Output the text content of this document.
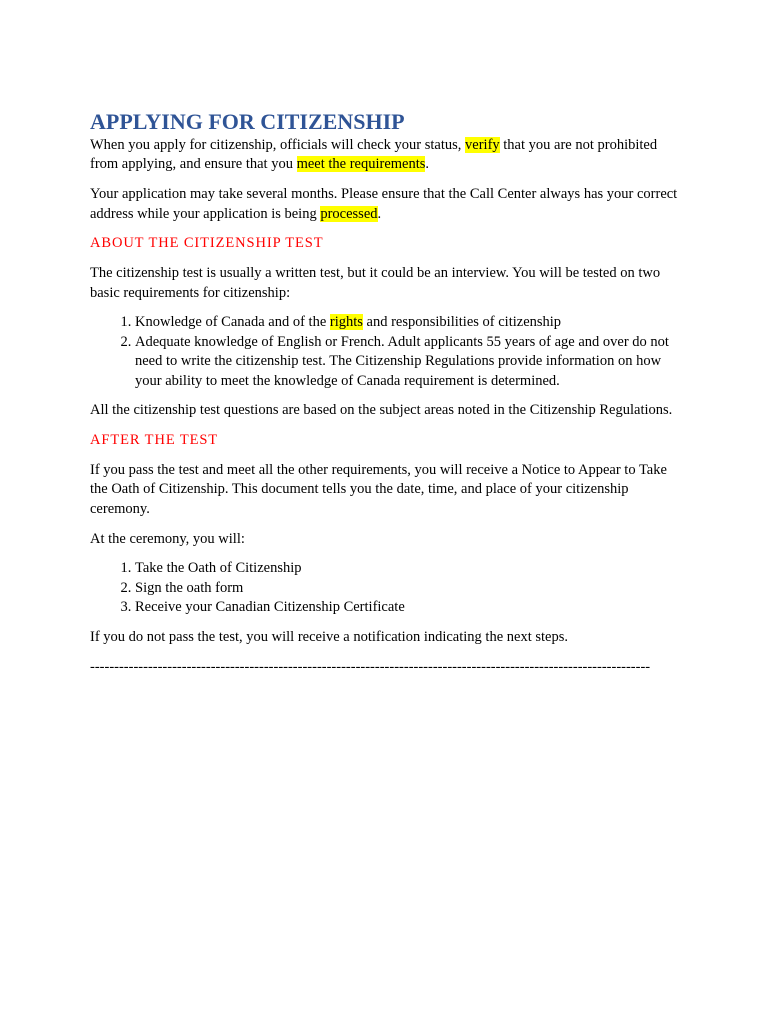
APPLYING FOR CITIZENSHIP

When you apply for citizenship, officials will check your status, verify that you are not prohibited from applying, and ensure that you meet the requirements.

Your application may take several months. Please ensure that the Call Center always has your correct address while your application is being processed.

ABOUT THE CITIZENSHIP TEST

The citizenship test is usually a written test, but it could be an interview. You will be tested on two basic requirements for citizenship:

1. Knowledge of Canada and of the rights and responsibilities of citizenship
2. Adequate knowledge of English or French. Adult applicants 55 years of age and over do not need to write the citizenship test. The Citizenship Regulations provide information on how your ability to meet the knowledge of Canada requirement is determined.

All the citizenship test questions are based on the subject areas noted in the Citizenship Regulations.

AFTER THE TEST

If you pass the test and meet all the other requirements, you will receive a Notice to Appear to Take the Oath of Citizenship. This document tells you the date, time, and place of your citizenship ceremony.

At the ceremony, you will:

1. Take the Oath of Citizenship
2. Sign the oath form
3. Receive your Canadian Citizenship Certificate

If you do not pass the test, you will receive a notification indicating the next steps.

--------------------------------------------------------------------------------------------------------------------
